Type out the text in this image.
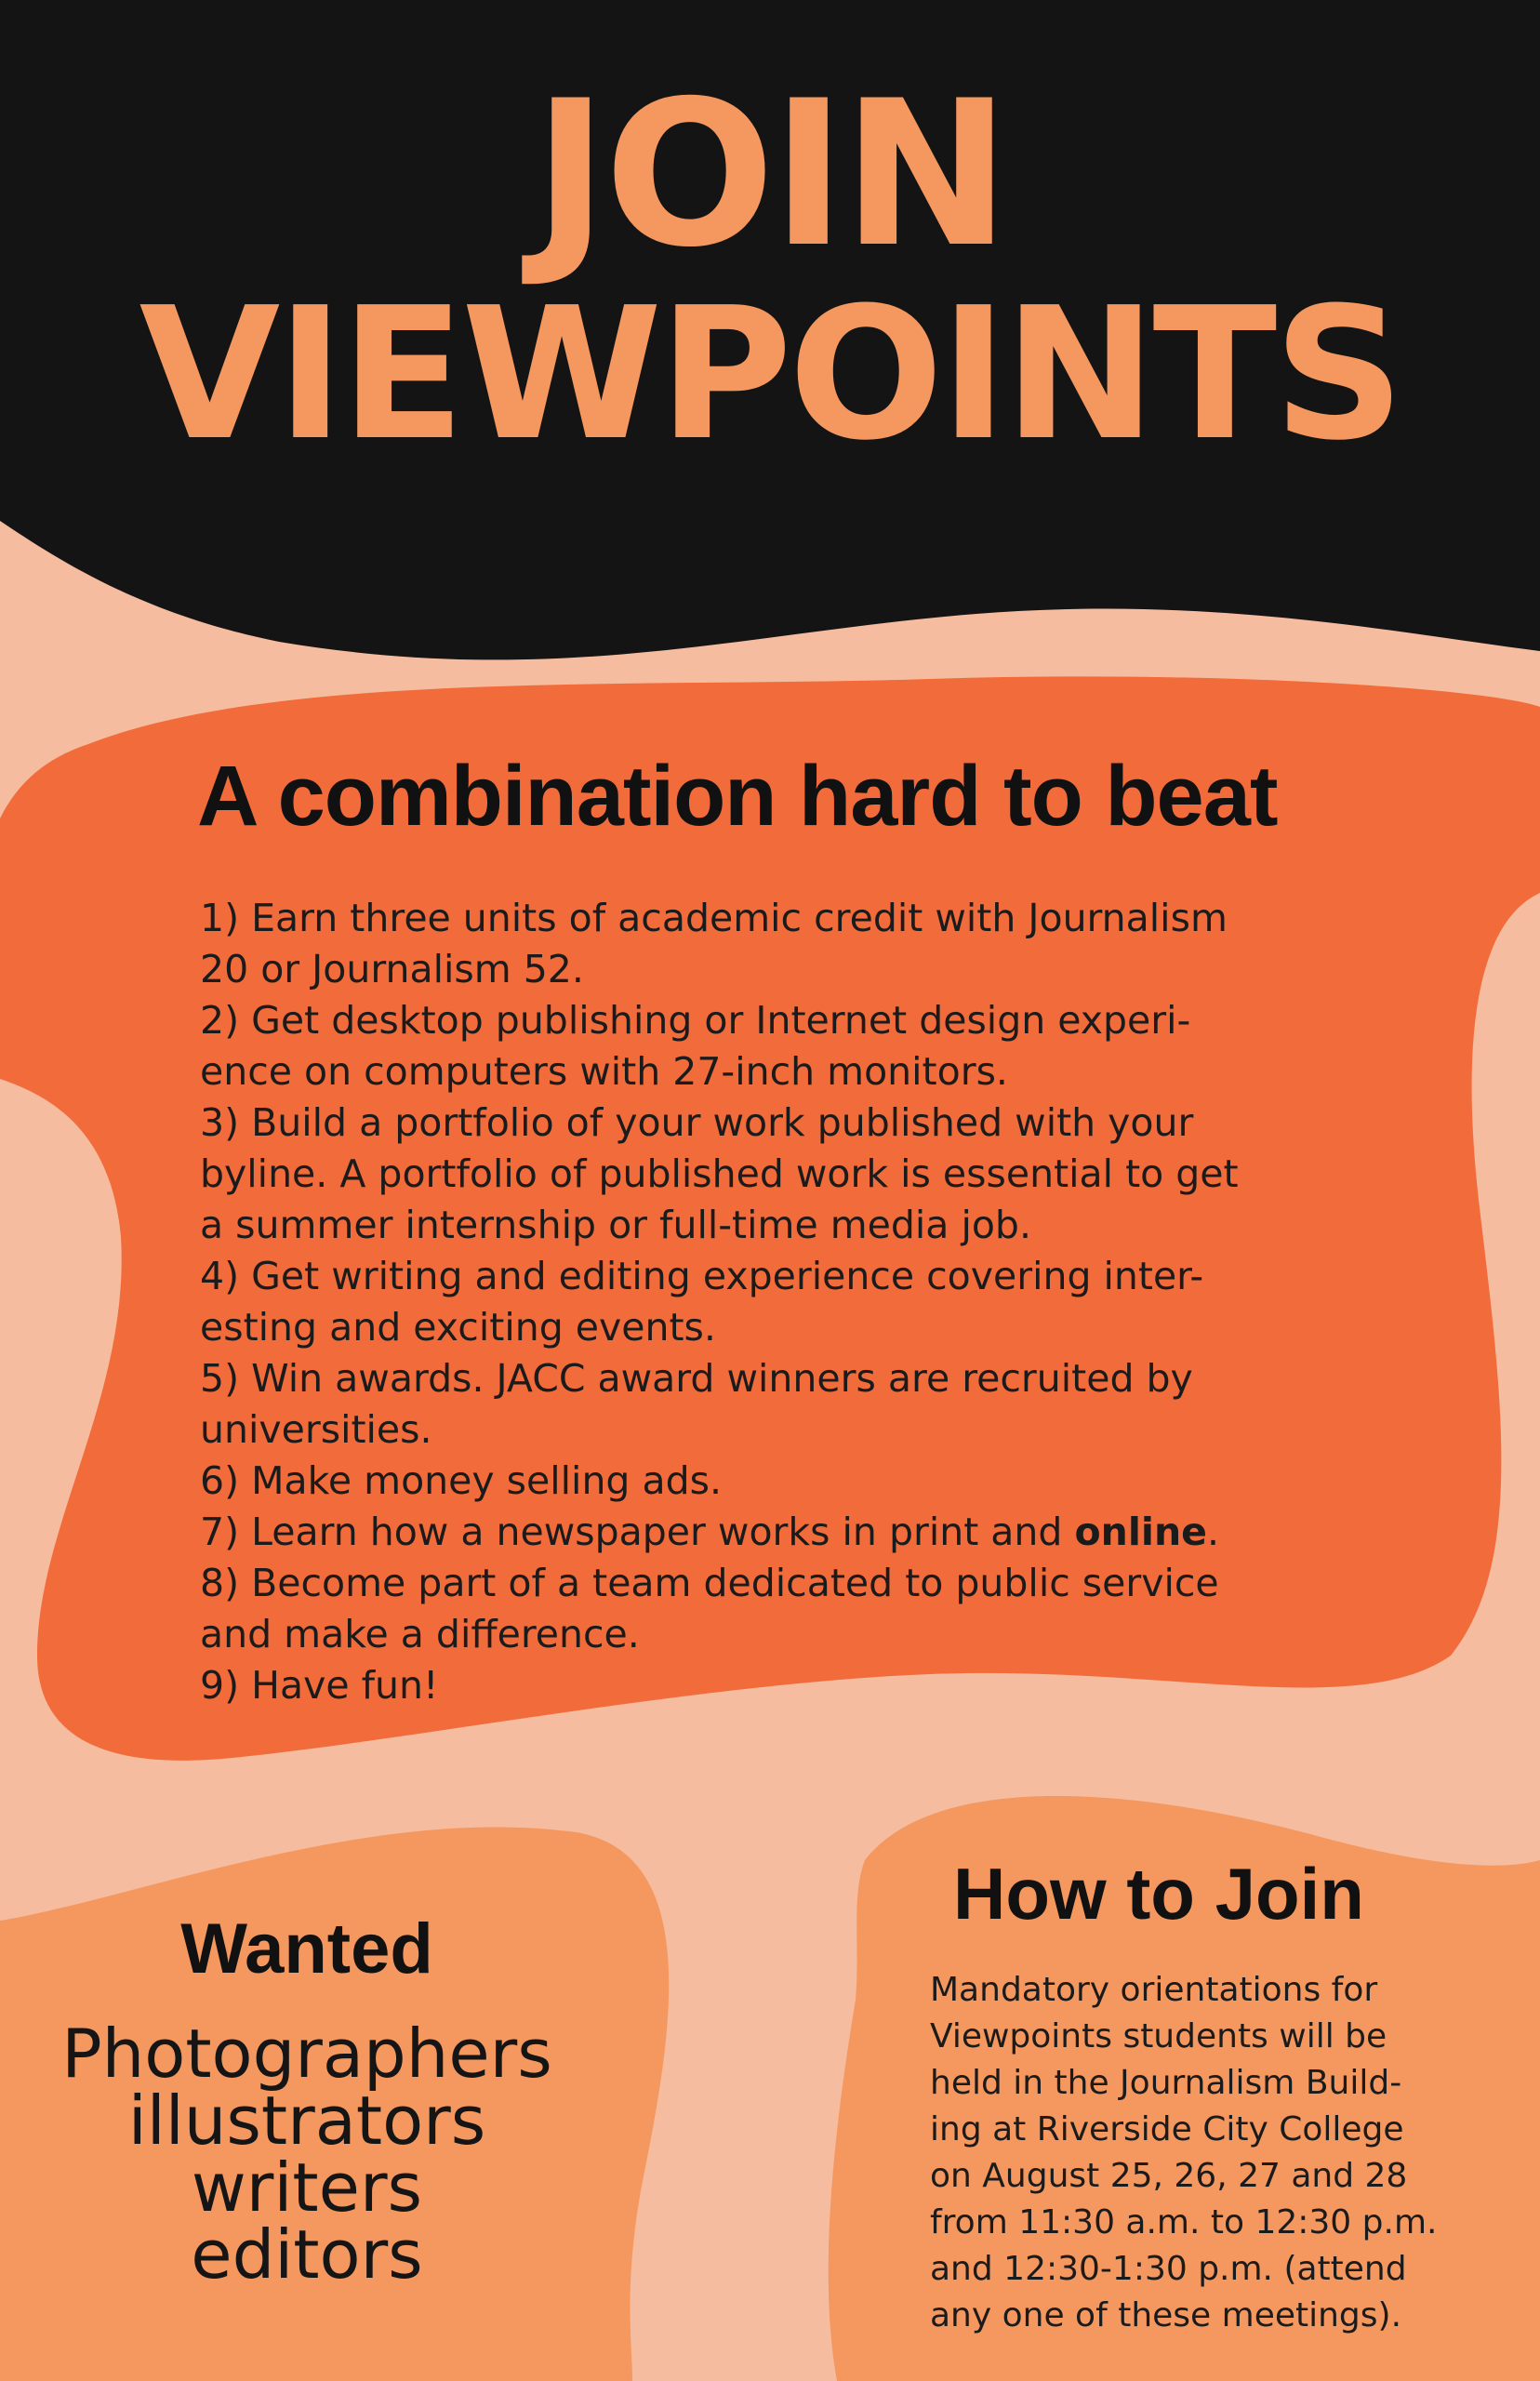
JOIN
VIEWPOINTS
A combination hard to beat
1) Earn three units of academic credit with Journalism
20 or Journalism 52.
2) Get desktop publishing or Internet design experi-
ence on computers with 27-inch monitors.
3) Build a portfolio of your work published with your
byline. A portfolio of published work is essential to get
a summer internship or full-time media job.
4) Get writing and editing experience covering inter-
esting and exciting events.
5) Win awards. JACC award winners are recruited by
universities.
6) Make money selling ads.
7) Learn how a newspaper works in print and online.
8) Become part of a team dedicated to public service
and make a difference.
9) Have fun!
Wanted
Photographers
illustrators
writers
editors
How to Join
Mandatory orientations for
Viewpoints students will be
held in the Journalism Build-
ing at Riverside City College
on August 25, 26, 27 and 28
from 11:30 a.m. to 12:30 p.m.
and 12:30-1:30 p.m. (attend
any one of these meetings).
